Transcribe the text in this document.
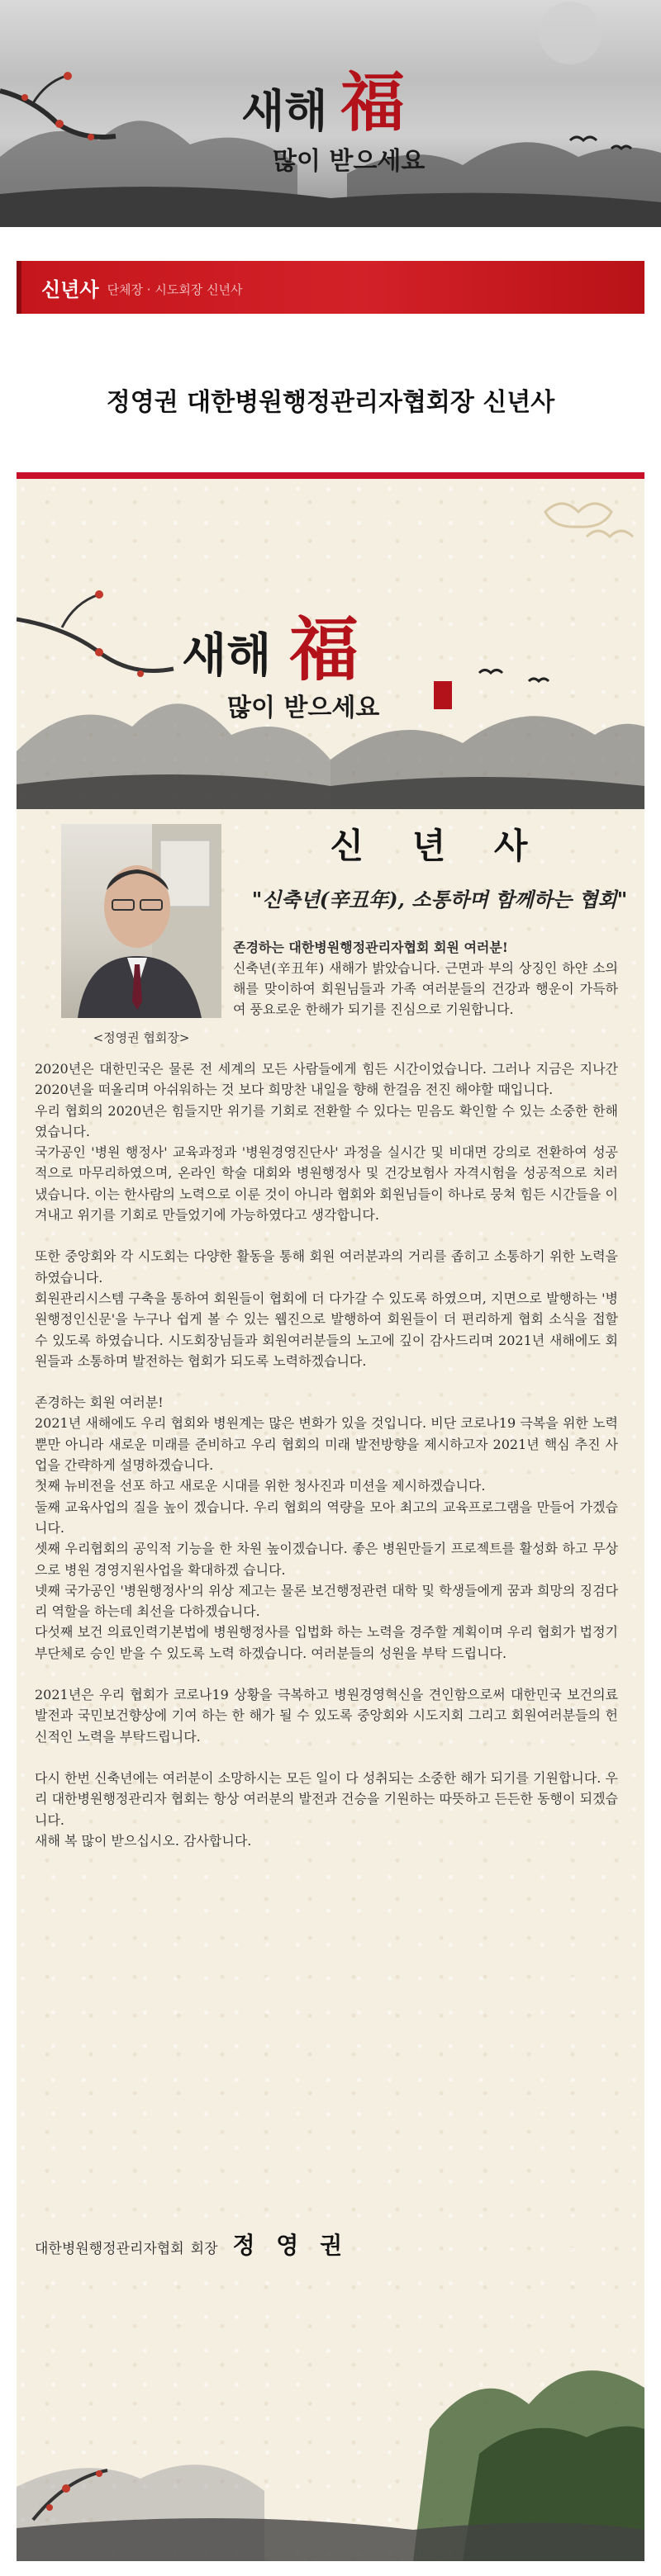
새해 福
많이 받으세요
신년사 단체장 · 시도회장 신년사
정영권 대한병원행정관리자협회장 신년사
새해 福
많이 받으세요
<정영권 협회장>
신 년 사
"신축년(辛丑年), 소통하며 함께하는 협회"
존경하는 대한병원행정관리자협회 회원 여러분!
신축년(辛丑年) 새해가 밝았습니다. 근면과 부의 상징인 하얀 소의 해를 맞이하여 회원님들과 가족 여러분들의 건강과 행운이 가득하여 풍요로운 한해가 되기를 진심으로 기원합니다.

2020년은 대한민국은 물론 전 세계의 모든 사람들에게 힘든 시간이었습니다. 그러나 지금은 지나간 2020년을 떠올리며 아쉬워하는 것 보다 희망찬 내일을 향해 한걸음 전진 해야할 때입니다.

우리 협회의 2020년은 힘들지만 위기를 기회로 전환할 수 있다는 믿음도 확인할 수 있는 소중한 한해였습니다.

국가공인 '병원 행정사' 교육과정과 '병원경영진단사' 과정을 실시간 및 비대면 강의로 전환하여 성공적으로 마무리하였으며, 온라인 학술 대회와 병원행정사 및 건강보험사 자격시험을 성공적으로 치러 냈습니다. 이는 한사람의 노력으로 이룬 것이 아니라 협회와 회원님들이 하나로 뭉쳐 힘든 시간들을 이겨내고 위기를 기회로 만들었기에 가능하였다고 생각합니다.

또한 중앙회와 각 시도회는 다양한 활동을 통해 회원 여러분과의 거리를 좁히고 소통하기 위한 노력을 하였습니다.

회원관리시스템 구축을 통하여 회원들이 협회에 더 다가갈 수 있도록 하였으며, 지면으로 발행하는 '병원행정인신문'을 누구나 쉽게 볼 수 있는 웹진으로 발행하여 회원들이 더 편리하게 협회 소식을 접할 수 있도록 하였습니다. 시도회장님들과 회원여러분들의 노고에 깊이 감사드리며 2021년 새해에도 회원들과 소통하며 발전하는 협회가 되도록 노력하겠습니다.

존경하는 회원 여러분!

2021년 새해에도 우리 협회와 병원계는 많은 변화가 있을 것입니다. 비단 코로나19 극복을 위한 노력뿐만 아니라 새로운 미래를 준비하고 우리 협회의 미래 발전방향을 제시하고자 2021년 핵심 추진 사업을 간략하게 설명하겠습니다.

첫째 뉴비전을 선포 하고 새로운 시대를 위한 청사진과 미션을 제시하겠습니다.

둘째 교육사업의 질을 높이 겠습니다. 우리 협회의 역량을 모아 최고의 교육프로그램을 만들어 가겠습니다.

셋째 우리협회의 공익적 기능을 한 차원 높이겠습니다. 좋은 병원만들기 프로젝트를 활성화 하고 무상으로 병원 경영지원사업을 확대하겠 습니다.

넷째 국가공인 '병원행정사'의 위상 제고는 물론 보건행정관련 대학 및 학생들에게 꿈과 희망의 징검다리 역할을 하는데 최선을 다하겠습니다.

다섯째 보건 의료인력기본법에 병원행정사를 입법화 하는 노력을 경주할 계획이며 우리 협회가 법정기부단체로 승인 받을 수 있도록 노력 하겠습니다. 여러분들의 성원을 부탁 드립니다.

2021년은 우리 협회가 코로나19 상황을 극복하고 병원경영혁신을 견인함으로써 대한민국 보건의료발전과 국민보건향상에 기여 하는 한 해가 될 수 있도록 중앙회와 시도지회 그리고 회원여러분들의 헌신적인 노력을 부탁드립니다.

다시 한번 신축년에는 여러분이 소망하시는 모든 일이 다 성취되는 소중한 해가 되기를 기원합니다. 우리 대한병원행정관리자 협회는 항상 여러분의 발전과 건승을 기원하는 따뜻하고 든든한 동행이 되겠습니다.

새해 복 많이 받으십시오. 감사합니다.

대한병원행정관리자협회 회장 정 영 권
